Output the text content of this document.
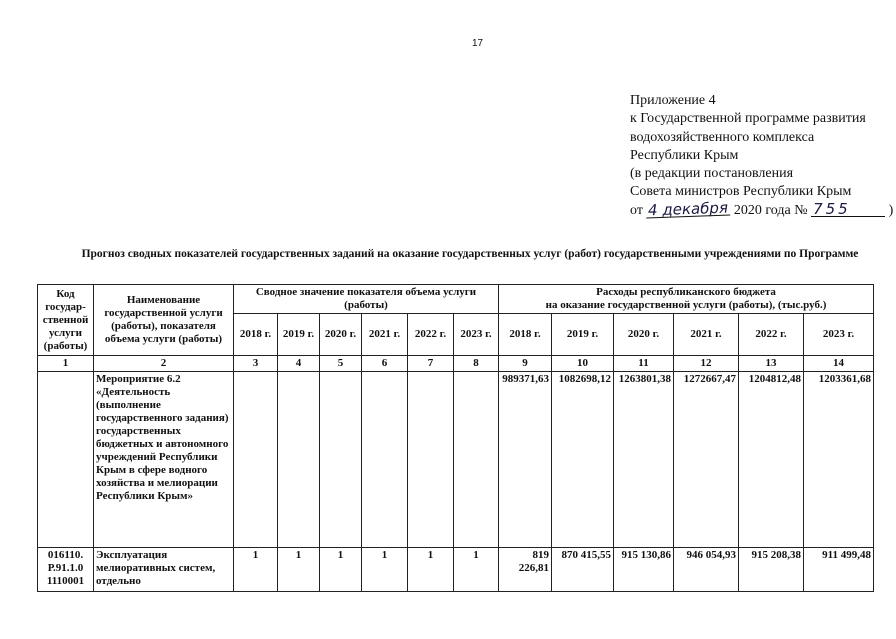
17
Приложение 4
к Государственной программе развития
водохозяйственного комплекса
Республики Крым
(в редакции постановления
Совета министров Республики Крым
от 4 декабря 2020 года № 755	)
Прогноз сводных показателей государственных заданий на оказание государственных услуг (работ) государственными учреждениями по Программе
Код государ-ственной услуги (работы)	Наименование государственной услуги (работы), показателя объема услуги (работы)	Сводное значение показателя объема услуги (работы)						Расходы республиканского бюджета
на оказание государственной услуги (работы), (тыс.руб.)					

		2018 г.	2019 г.	2020 г.	2021 г.	2022 г.	2023 г.	2018 г.	2019 г.	2020 г.	2021 г.	2022 г.	2023 г.
1	2	3	4	5	6	7	8	9	10	11	12	13	14
	Мероприятие 6.2 «Деятельность (выполнение государственного задания) государственных бюджетных и автономного учреждений Республики Крым в сфере водного хозяйства и мелиорации Республики Крым»							989371,63	1082698,12	1263801,38	1272667,47	1204812,48	1203361,68
016110. Р.91.1.0 1110001	Эксплуатация мелиоративных систем, отдельно	1	1	1	1	1	1	819 226,81	870 415,55	915 130,86	946 054,93	915 208,38	911 499,48
